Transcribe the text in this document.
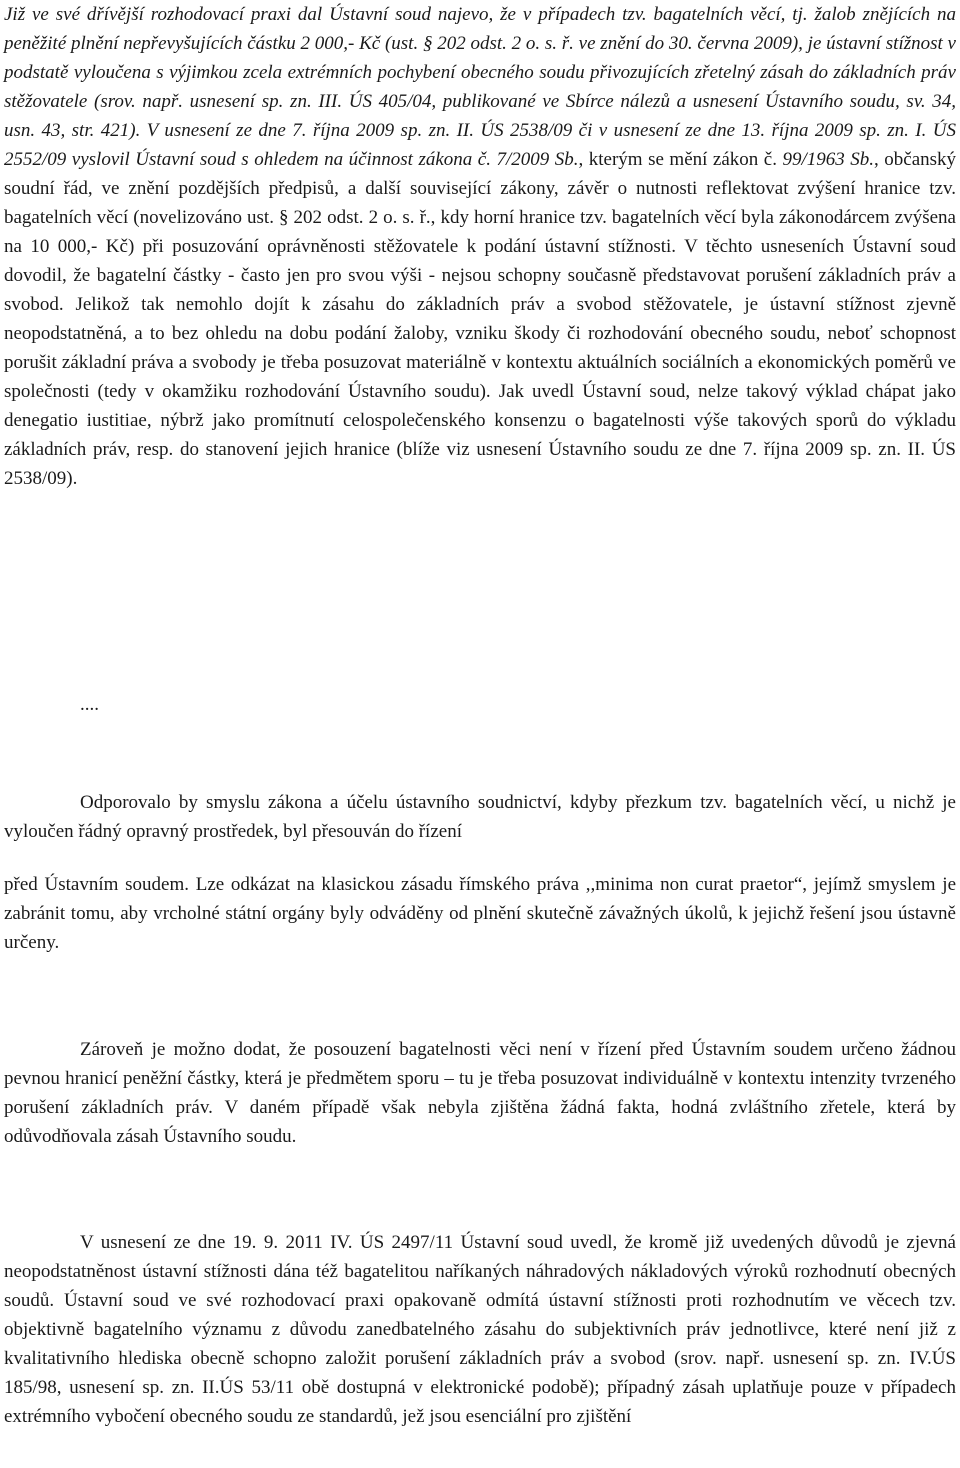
Již ve své dřívější rozhodovací praxi dal Ústavní soud najevo, že v případech tzv. bagatelních věcí, tj. žalob znějících na peněžité plnění nepřevyšujících částku 2 000,- Kč (ust. § 202 odst. 2 o. s. ř. ve znění do 30. června 2009), je ústavní stížnost v podstatě vyloučena s výjimkou zcela extrémních pochybení obecného soudu přivozujících zřetelný zásah do základních práv stěžovatele (srov. např. usnesení sp. zn. III. ÚS 405/04, publikované ve Sbírce nálezů a usnesení Ústavního soudu, sv. 34, usn. 43, str. 421). V usnesení ze dne 7. října 2009 sp. zn. II. ÚS 2538/09 či v usnesení ze dne 13. října 2009 sp. zn. I. ÚS 2552/09 vyslovil Ústavní soud s ohledem na účinnost zákona č. 7/2009 Sb., kterým se mění zákon č. 99/1963 Sb., občanský soudní řád, ve znění pozdějších předpisů, a další související zákony, závěr o nutnosti reflektovat zvýšení hranice tzv. bagatelních věcí (novelizováno ust. § 202 odst. 2 o. s. ř., kdy horní hranice tzv. bagatelních věcí byla zákonodárcem zvýšena na 10 000,- Kč) při posuzování oprávněnosti stěžovatele k podání ústavní stížnosti. V těchto usneseních Ústavní soud dovodil, že bagatelní částky - často jen pro svou výši - nejsou schopny současně představovat porušení základních práv a svobod. Jelikož tak nemohlo dojít k zásahu do základních práv a svobod stěžovatele, je ústavní stížnost zjevně neopodstatněná, a to bez ohledu na dobu podání žaloby, vzniku škody či rozhodování obecného soudu, neboť schopnost porušit základní práva a svobody je třeba posuzovat materiálně v kontextu aktuálních sociálních a ekonomických poměrů ve společnosti (tedy v okamžiku rozhodování Ústavního soudu). Jak uvedl Ústavní soud, nelze takový výklad chápat jako denegatio iustitiae, nýbrž jako promítnutí celospolečenského konsenzu o bagatelnosti výše takových sporů do výkladu základních práv, resp. do stanovení jejich hranice (blíže viz usnesení Ústavního soudu ze dne 7. října 2009 sp. zn. II. ÚS 2538/09).

....

Odporovalo by smyslu zákona a účelu ústavního soudnictví, kdyby přezkum tzv. bagatelních věcí, u nichž je vyloučen řádný opravný prostředek, byl přesouván do řízení

před Ústavním soudem. Lze odkázat na klasickou zásadu římského práva ,,minima non curat praetor“, jejímž smyslem je zabránit tomu, aby vrcholné státní orgány byly odváděny od plnění skutečně závažných úkolů, k jejichž řešení jsou ústavně určeny.

Zároveň je možno dodat, že posouzení bagatelnosti věci není v řízení před Ústavním soudem určeno žádnou pevnou hranicí peněžní částky, která je předmětem sporu – tu je třeba posuzovat individuálně v kontextu intenzity tvrzeného porušení základních práv. V daném případě však nebyla zjištěna žádná fakta, hodná zvláštního zřetele, která by odůvodňovala zásah Ústavního soudu.

V usnesení ze dne 19. 9. 2011 IV. ÚS 2497/11 Ústavní soud uvedl, že kromě již uvedených důvodů je zjevná neopodstatněnost ústavní stížnosti dána též bagatelitou naříkaných náhradových nákladových výroků rozhodnutí obecných soudů. Ústavní soud ve své rozhodovací praxi opakovaně odmítá ústavní stížnosti proti rozhodnutím ve věcech tzv. objektivně bagatelního významu z důvodu zanedbatelného zásahu do subjektivních práv jednotlivce, které není již z kvalitativního hlediska obecně schopno založit porušení základních práv a svobod (srov. např. usnesení sp. zn. IV.ÚS 185/98, usnesení sp. zn. II.ÚS 53/11 obě dostupná v elektronické podobě); případný zásah uplatňuje pouze v případech extrémního vybočení obecného soudu ze standardů, jež jsou esenciální pro zjištění
